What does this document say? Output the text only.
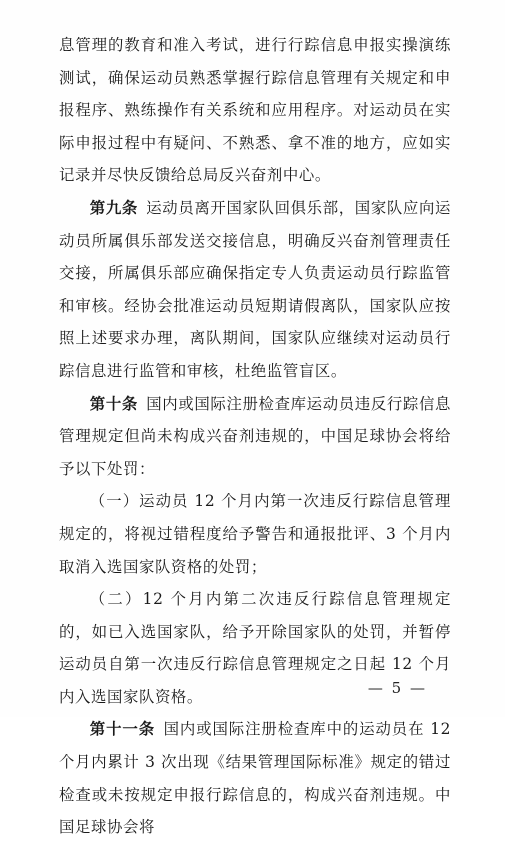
息管理的教育和准入考试，进行行踪信息申报实操演练测试，确保运动员熟悉掌握行踪信息管理有关规定和申报程序、熟练操作有关系统和应用程序。对运动员在实际申报过程中有疑问、不熟悉、拿不准的地方，应如实记录并尽快反馈给总局反兴奋剂中心。

第九条  运动员离开国家队回俱乐部，国家队应向运动员所属俱乐部发送交接信息，明确反兴奋剂管理责任交接，所属俱乐部应确保指定专人负责运动员行踪监管和审核。经协会批准运动员短期请假离队，国家队应按照上述要求办理，离队期间，国家队应继续对运动员行踪信息进行监管和审核，杜绝监管盲区。

第十条  国内或国际注册检查库运动员违反行踪信息管理规定但尚未构成兴奋剂违规的，中国足球协会将给予以下处罚：

（一）运动员 12 个月内第一次违反行踪信息管理规定的，将视过错程度给予警告和通报批评、3 个月内取消入选国家队资格的处罚；

（二）12 个月内第二次违反行踪信息管理规定的，如已入选国家队，给予开除国家队的处罚，并暂停运动员自第一次违反行踪信息管理规定之日起 12 个月内入选国家队资格。

第十一条  国内或国际注册检查库中的运动员在 12 个月内累计 3 次出现《结果管理国际标准》规定的错过检查或未按规定申报行踪信息的，构成兴奋剂违规。中国足球协会将

— 5 —
